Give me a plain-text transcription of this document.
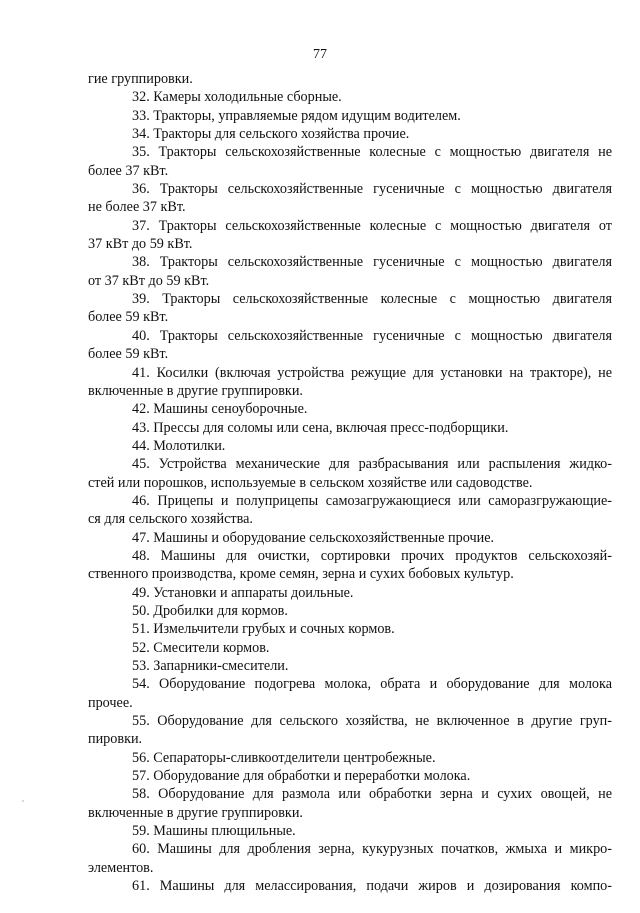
77
гие группировки.
32. Камеры холодильные сборные.
33. Тракторы, управляемые рядом идущим водителем.
34. Тракторы для сельского хозяйства прочие.
35. Тракторы сельскохозяйственные колесные с мощностью двигателя не
более 37 кВт.
36. Тракторы сельскохозяйственные гусеничные с мощностью двигателя
не более 37 кВт.
37. Тракторы сельскохозяйственные колесные с мощностью двигателя от
37 кВт до 59 кВт.
38. Тракторы сельскохозяйственные гусеничные с мощностью двигателя
от 37 кВт до 59 кВт.
39. Тракторы сельскохозяйственные колесные с мощностью двигателя
более 59 кВт.
40. Тракторы сельскохозяйственные гусеничные с мощностью двигателя
более 59 кВт.
41. Косилки (включая устройства режущие для установки на тракторе), не
включенные в другие группировки.
42. Машины сеноуборочные.
43. Прессы для соломы или сена, включая пресс-подборщики.
44. Молотилки.
45. Устройства механические для разбрасывания или распыления жидко-
стей или порошков, используемые в сельском хозяйстве или садоводстве.
46. Прицепы и полуприцепы самозагружающиеся или саморазгружающие-
ся для сельского хозяйства.
47. Машины и оборудование сельскохозяйственные прочие.
48. Машины для очистки, сортировки прочих продуктов сельскохозяй-
ственного производства, кроме семян, зерна и сухих бобовых культур.
49. Установки и аппараты доильные.
50. Дробилки для кормов.
51. Измельчители грубых и сочных кормов.
52. Смесители кормов.
53. Запарники-смесители.
54. Оборудование подогрева молока, обрата и оборудование для молока
прочее.
55. Оборудование для сельского хозяйства, не включенное в другие груп-
пировки.
56. Сепараторы-сливкоотделители центробежные.
57. Оборудование для обработки и переработки молока.
58. Оборудование для размола или обработки зерна и сухих овощей, не
включенные в другие группировки.
59. Машины плющильные.
60. Машины для дробления зерна, кукурузных початков, жмыха и микро-
элементов.
61. Машины для мелассирования, подачи жиров и дозирования компо-
